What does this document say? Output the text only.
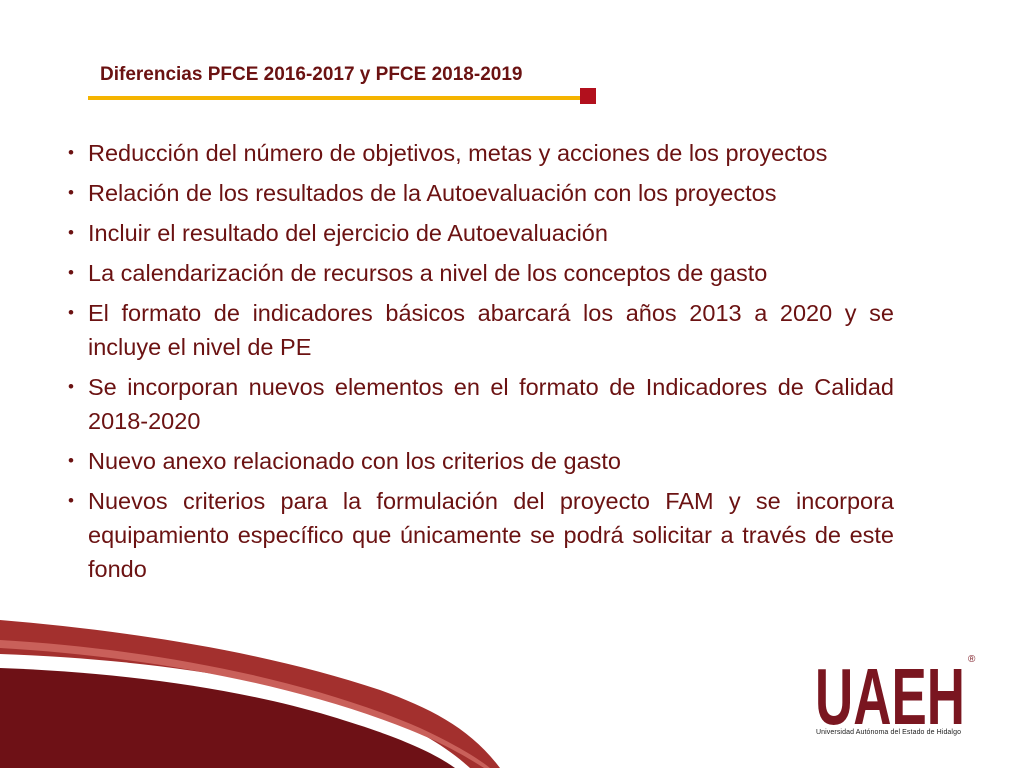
Diferencias PFCE 2016-2017 y PFCE 2018-2019
• Reducción del número de objetivos, metas y acciones de los proyectos
• Relación de los resultados de la Autoevaluación con los proyectos
• Incluir el resultado del ejercicio de Autoevaluación
• La calendarización de recursos a nivel de los conceptos de gasto
• El formato de indicadores básicos abarcará los años 2013 a 2020 y se incluye el nivel de PE
• Se incorporan nuevos elementos en el formato de Indicadores de Calidad 2018-2020
• Nuevo anexo relacionado con los criterios de gasto
• Nuevos criterios para la formulación del proyecto FAM y se incorpora equipamiento específico que únicamente se podrá solicitar a través de este fondo
UAEH ®
Universidad Autónoma del Estado de Hidalgo
